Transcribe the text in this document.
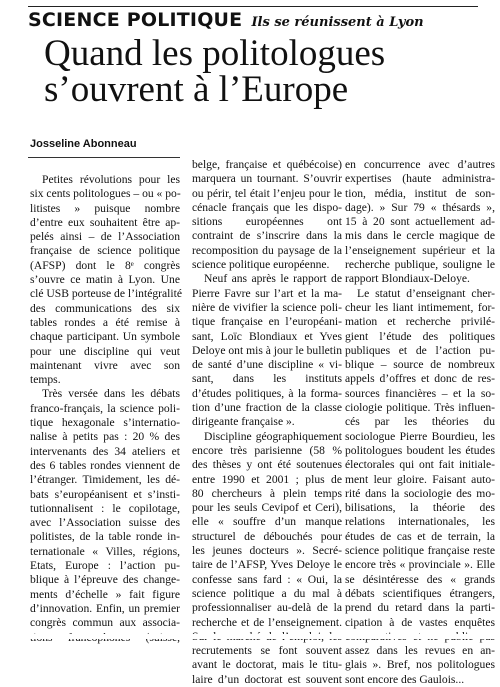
SCIENCE POLITIQUE Ils se réunissent à Lyon
Quand les politologues
s’ouvrent à l’Europe
Josseline Abonneau
Petites révolutions pour les
six cents politologues – ou « po-
litistes » puisque nombre
d’entre eux souhaitent être ap-
pelés ainsi – de l’Association
française de science politique
(AFSP) dont le 8ᵉ congrès
s’ouvre ce matin à Lyon. Une
clé USB porteuse de l’intégralité
des communications des six
tables rondes a été remise à
chaque participant. Un symbole
pour une discipline qui veut
maintenant vivre avec son
temps.
Très versée dans les débats
franco-français, la science poli-
tique hexagonale s’internatio-
nalise à petits pas : 20 % des
intervenants des 34 ateliers et
des 6 tables rondes viennent de
l’étranger. Timidement, les dé-
bats s’européanisent et s’insti-
tutionnalisent : le copilotage,
avec l’Association suisse des
politistes, de la table ronde in-
ternationale « Villes, régions,
Etats, Europe : l’action pu-
blique à l’épreuve des change-
ments d’échelle » fait figure
d’innovation. Enfin, un premier
congrès commun aux associa-
belge, française et québécoise)
marquera un tournant. S’ouvrir
ou périr, tel était l’enjeu pour le
cénacle français que les dispo-
sitions européennes ont
contraint de s’inscrire dans la
recomposition du paysage de la
science politique européenne.
Neuf ans après le rapport de
Pierre Favre sur l’art et la ma-
nière de vivifier la science poli-
tique française en l’européani-
sant, Loïc Blondiaux et Yves
Deloye ont mis à jour le bulletin
de santé d’une discipline « vi-
sant, dans les instituts
d’études politiques, à la forma-
tion d’une fraction de la classe
dirigeante française ».
Discipline géographiquement
encore très parisienne (58 %
des thèses y ont été soutenues
entre 1990 et 2001 ; plus de
80 chercheurs à plein temps
pour les seuls Cevipof et Ceri),
elle « souffre d’un manque
structurel de débouchés pour
les jeunes docteurs ». Secré-
taire de l’AFSP, Yves Deloye le
confesse sans fard : « Oui, la
science politique a du mal à
professionnaliser au-delà de la
recherche et de l’enseignement.
recrutements se font souvent
avant le doctorat, mais le titu-
laire d’un doctorat est souvent
en concurrence avec d’autres
expertises (haute administra-
tion, média, institut de son-
dage). » Sur 79 « thésards »,
15 à 20 sont actuellement ad-
mis dans le cercle magique de
l’enseignement supérieur et la
recherche publique, souligne le
rapport Blondiaux-Deloye.
Le statut d’enseignant cher-
cheur les liant intimement, for-
mation et recherche privilé-
gient l’étude des politiques
publiques et de l’action pu-
blique – source de nombreux
appels d’offres et donc de res-
sources financières – et la so-
ciologie politique. Très influen-
cés par les théories du
sociologue Pierre Bourdieu, les
politologues boudent les études
électorales qui ont fait initiale-
ment leur gloire. Faisant auto-
rité dans la sociologie des mo-
bilisations, la théorie des
relations internationales, les
études de cas et de terrain, la
science politique française reste
encore très « provinciale ». Elle
se désintéresse des « grands
débats scientifiques étrangers,
prend du retard dans la parti-
cipation à de vastes enquêtes
assez dans les revues en an-
glais ». Bref, nos politologues
sont encore des Gaulois...
